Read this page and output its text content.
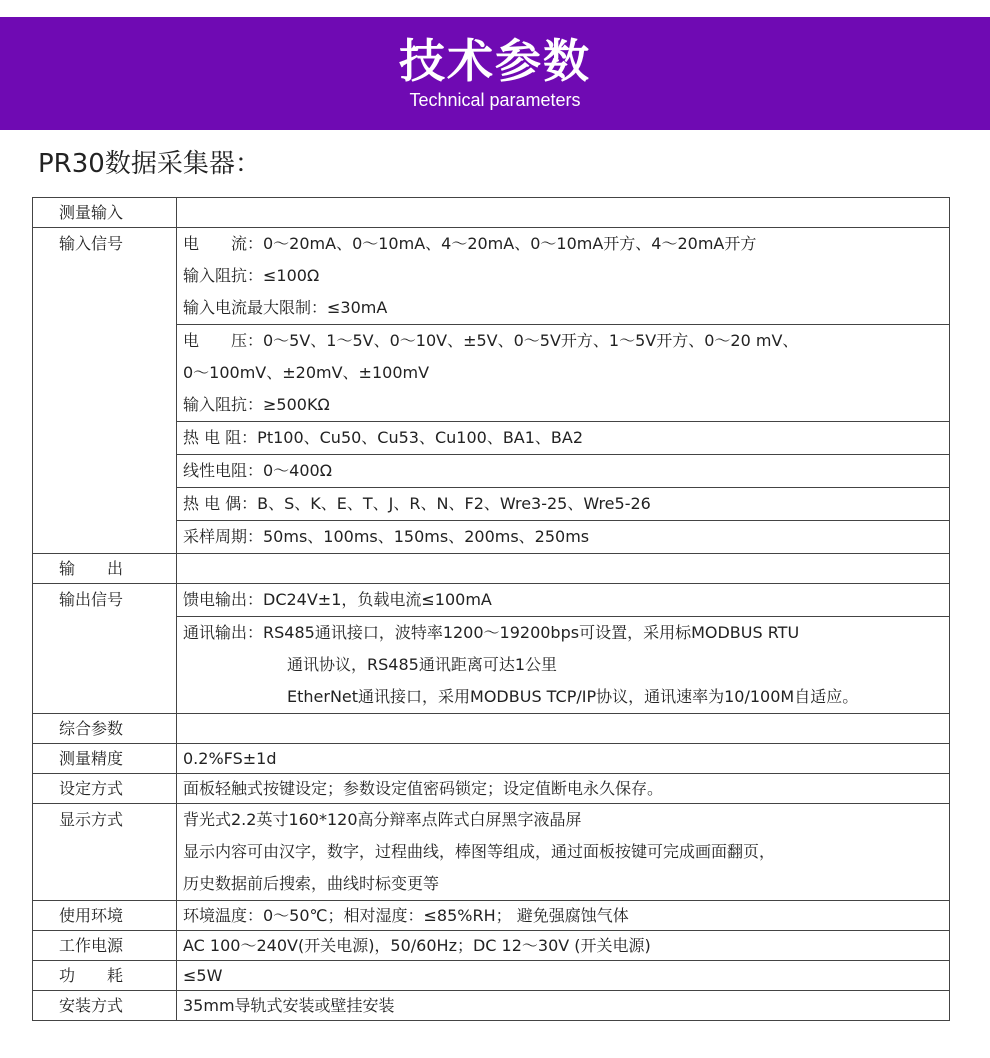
技术参数
Technical parameters
PR30数据采集器：
测量输入	
输入信号	电　　流：0～20mA、0～10mA、4～20mA、0～10mA开方、4～20mA开方
输入阻抗：≤100Ω
输入电流最大限制：≤30mA

	电　　压：0～5V、1～5V、0～10V、±5V、0～5V开方、1～5V开方、0～20 mV、
0～100mV、±20mV、±100mV
输入阻抗：≥500KΩ

	热 电 阻：Pt100、Cu50、Cu53、Cu100、BA1、BA2
	线性电阻：0～400Ω
	热 电 偶：B、S、K、E、T、J、R、N、F2、Wre3-25、Wre5-26
	采样周期：50ms、100ms、150ms、200ms、250ms
输　　出	
输出信号	馈电输出：DC24V±1，负载电流≤100mA

	通讯输出：RS485通讯接口，波特率1200～19200bps可设置，采用标MODBUS RTU
通讯协议，RS485通讯距离可达1公里
EtherNet通讯接口，采用MODBUS TCP/IP协议，通讯速率为10/100M自适应。

综合参数	
测量精度	0.2%FS±1d
设定方式	面板轻触式按键设定；参数设定值密码锁定；设定值断电永久保存。
显示方式	背光式2.2英寸160*120高分辩率点阵式白屏黑字液晶屏
显示内容可由汉字，数字，过程曲线，棒图等组成，通过面板按键可完成画面翻页，
历史数据前后搜索，曲线时标变更等

使用环境	环境温度：0～50℃；相对湿度：≤85%RH； 避免强腐蚀气体
工作电源	AC 100～240V(开关电源)，50/60Hz；DC 12～30V (开关电源)
功　　耗	≤5W
安装方式	35mm导轨式安装或壁挂安装
